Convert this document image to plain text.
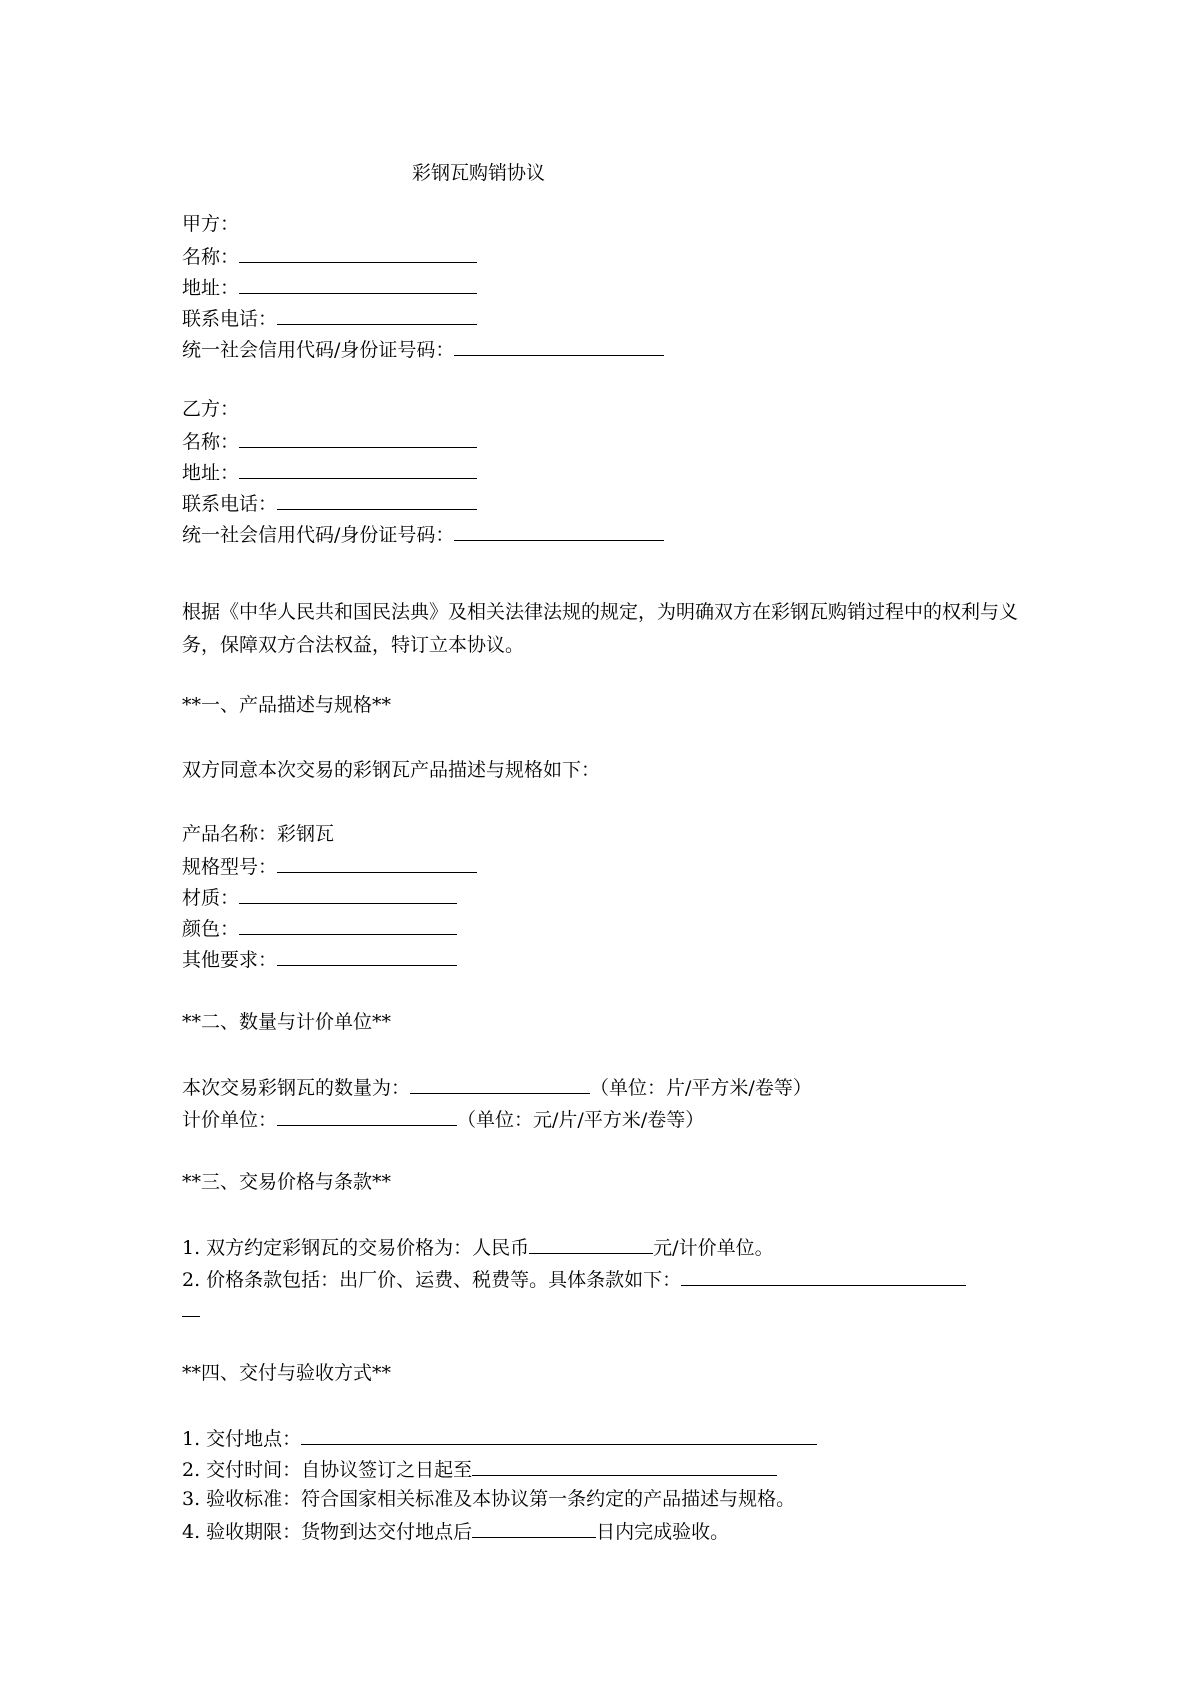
彩钢瓦购销协议
甲方：
名称：
地址：
联系电话：
统一社会信用代码/身份证号码：
乙方：
名称：
地址：
联系电话：
统一社会信用代码/身份证号码：
根据《中华人民共和国民法典》及相关法律法规的规定，为明确双方在彩钢瓦购销过程中的权利与义务，保障双方合法权益，特订立本协议。
**一、产品描述与规格**
双方同意本次交易的彩钢瓦产品描述与规格如下：
产品名称：彩钢瓦
规格型号：
材质：
颜色：
其他要求：
**二、数量与计价单位**
本次交易彩钢瓦的数量为：	（单位：片/平方米/卷等）
计价单位：	（单位：元/片/平方米/卷等）
**三、交易价格与条款**
1. 双方约定彩钢瓦的交易价格为：人民币	元/计价单位。
2. 价格条款包括：出厂价、运费、税费等。具体条款如下：
**四、交付与验收方式**
1. 交付地点：
2. 交付时间：自协议签订之日起至
3. 验收标准：符合国家相关标准及本协议第一条约定的产品描述与规格。
4. 验收期限：货物到达交付地点后	日内完成验收。
